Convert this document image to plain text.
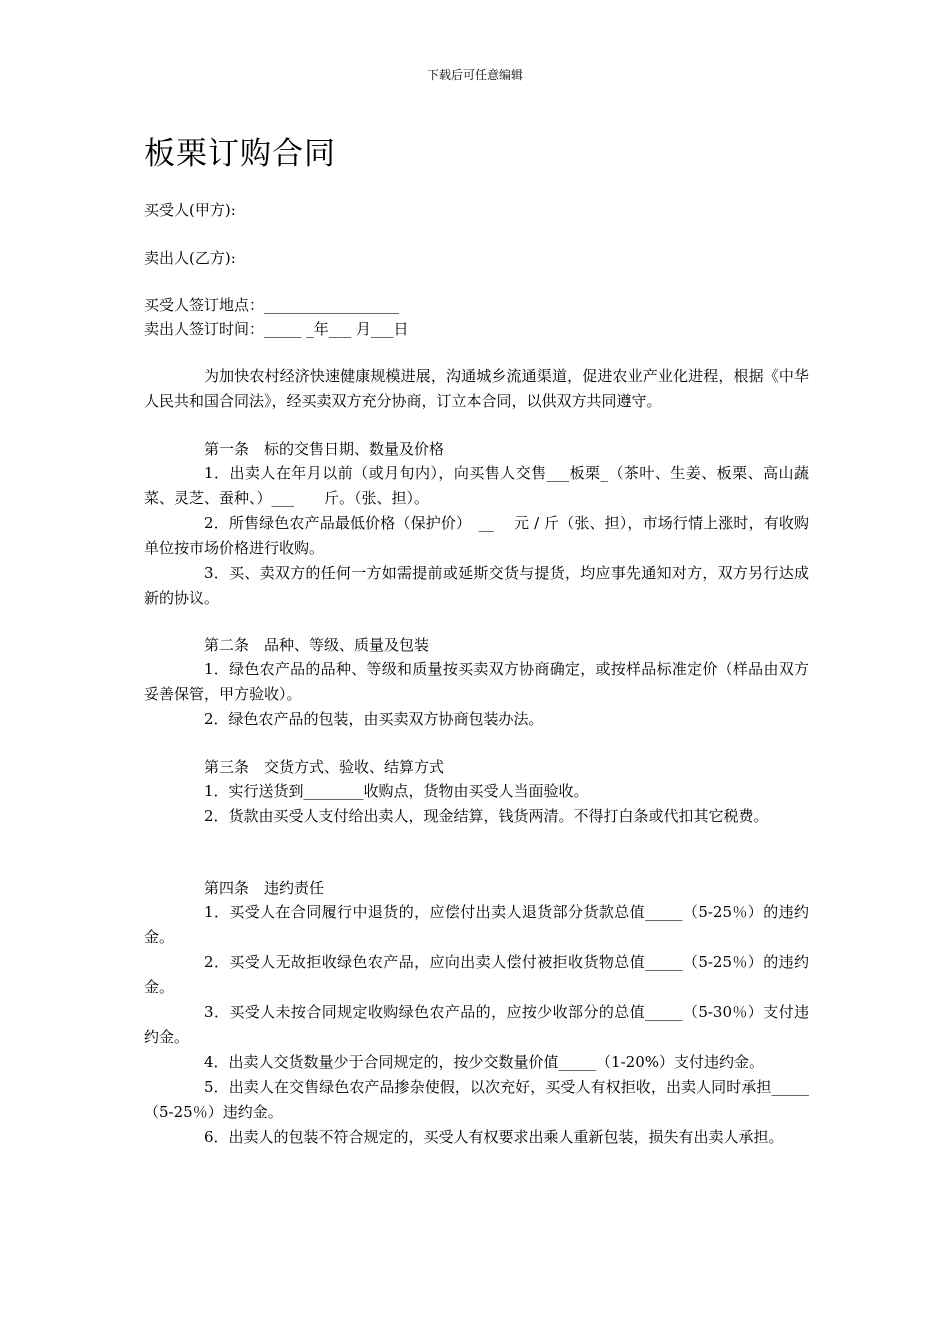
下载后可任意编辑
板栗订购合同
买受人(甲方):
卖出人(乙方):
买受人签订地点：__________________
卖出人签订时间：_____ _年___ 月___日

为加快农村经济快速健康规模进展，沟通城乡流通渠道，促进农业产业化进程，根据《中华人民共和国合同法》，经买卖双方充分协商，订立本合同，以供双方共同遵守。

第一条　标的交售日期、数量及价格

1．出卖人在年月以前（或月旬内），向买售人交售___板栗_（茶叶、生姜、板栗、高山蔬菜、灵芝、蚕种、）___　　斤。（张、担）。

2．所售绿色农产品最低价格（保护价）　__　 元 / 斤（张、担），市场行情上涨时，有收购单位按市场价格进行收购。

3．买、卖双方的任何一方如需提前或延斯交货与提货，均应事先通知对方，双方另行达成新的协议。

第二条　品种、等级、质量及包装

1．绿色农产品的品种、等级和质量按买卖双方协商确定，或按样品标准定价（样品由双方妥善保管，甲方验收）。

2．绿色农产品的包装，由买卖双方协商包装办法。

第三条　交货方式、验收、结算方式

1．实行送货到________收购点，货物由买受人当面验收。

2．货款由买受人支付给出卖人，现金结算，钱货两清。不得打白条或代扣其它税费。

第四条　违约责任

1．买受人在合同履行中退货的，应偿付出卖人退货部分货款总值_____（5-25％）的违约金。

2．买受人无故拒收绿色农产品，应向出卖人偿付被拒收货物总值_____（5-25％）的违约金。

3．买受人未按合同规定收购绿色农产品的，应按少收部分的总值_____（5-30％）支付违约金。

4．出卖人交货数量少于合同规定的，按少交数量价值_____（1-20%）支付违约金。

5．出卖人在交售绿色农产品掺杂使假，以次充好，买受人有权拒收，出卖人同时承担_____（5-25％）违约金。

6．出卖人的包装不符合规定的，买受人有权要求出乘人重新包装，损失有出卖人承担。
